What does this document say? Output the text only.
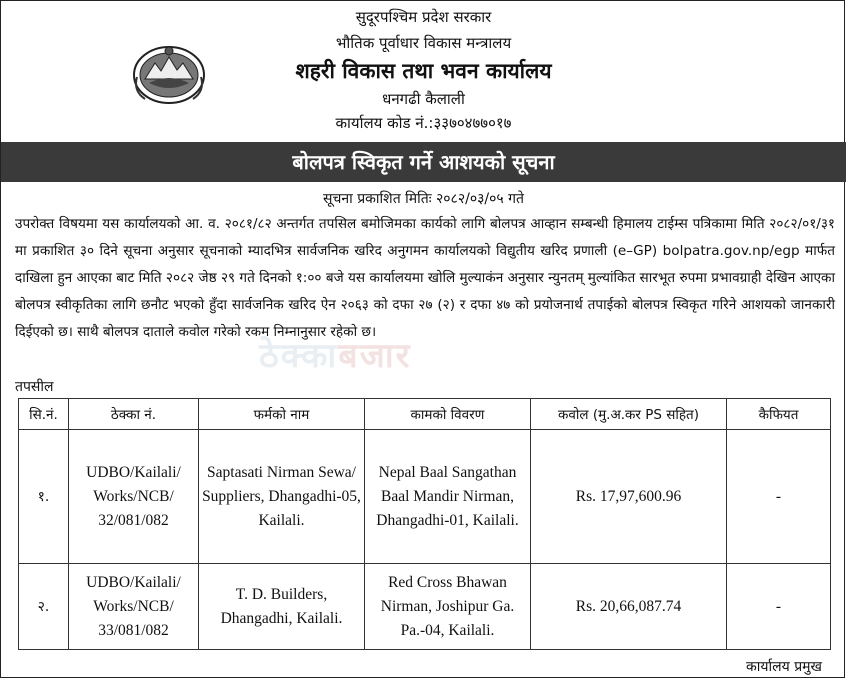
सुदूरपश्चिम प्रदेश सरकार
भौतिक पूर्वाधार विकास मन्त्रालय
शहरी विकास तथा भवन कार्यालय
धनगढी कैलाली
कार्यालय कोड नं.:३३७०४७७०१७
बोलपत्र स्विकृत गर्ने आशयको सूचना
सूचना प्रकाशित मितिः २०८२/०३/०५ गते
उपरोक्त विषयमा यस कार्यालयको आ. व. २०८१/८२ अन्तर्गत तपसिल बमोजिमका कार्यको लागि बोलपत्र आव्हान सम्बन्धी हिमालय टाईम्स पत्रिकामा मिति २०८२/०१/३१ मा प्रकाशित ३० दिने सूचना अनुसार सूचनाको म्यादभित्र सार्वजनिक खरिद अनुगमन कार्यालयको विद्युतीय खरिद प्रणाली (e–GP) bolpatra.gov.np/egp मार्फत दाखिला हुन आएका बाट मिति २०८२ जेष्ठ २९ गते दिनको १:०० बजे यस कार्यालयमा खोलि मुल्याकंन अनुसार न्युनतम् मुल्यांकित सारभूत रुपमा प्रभावग्राही देखिन आएका बोलपत्र स्वीकृतिका लागि छनौट भएको हुँदा सार्वजनिक खरिद ऐन २०६३ को दफा २७ (२) र दफा ४७ को प्रयोजनार्थ तपाईको बोलपत्र स्विकृत गरिने आशयको जानकारी दिईएको छ। साथै बोलपत्र दाताले कवोल गरेको रकम निम्नानुसार रहेको छ।
ठेक्काबजार
तपसील
सि.नं.	ठेक्का नं.	फर्मको नाम	कामको विवरण	कवोल (मु.अ.कर PS सहित)	कैफियत
१.	UDBO/Kailali/ Works/NCB/ 32/081/082	Saptasati Nirman Sewa/ Suppliers, Dhangadhi-05, Kailali.	Nepal Baal Sangathan Baal Mandir Nirman, Dhangadhi-01, Kailali.	Rs. 17,97,600.96	-
२.	UDBO/Kailali/ Works/NCB/ 33/081/082	T. D. Builders, Dhangadhi, Kailali.	Red Cross Bhawan Nirman, Joshipur Ga. Pa.-04, Kailali.	Rs. 20,66,087.74	-
कार्यालय प्रमुख
